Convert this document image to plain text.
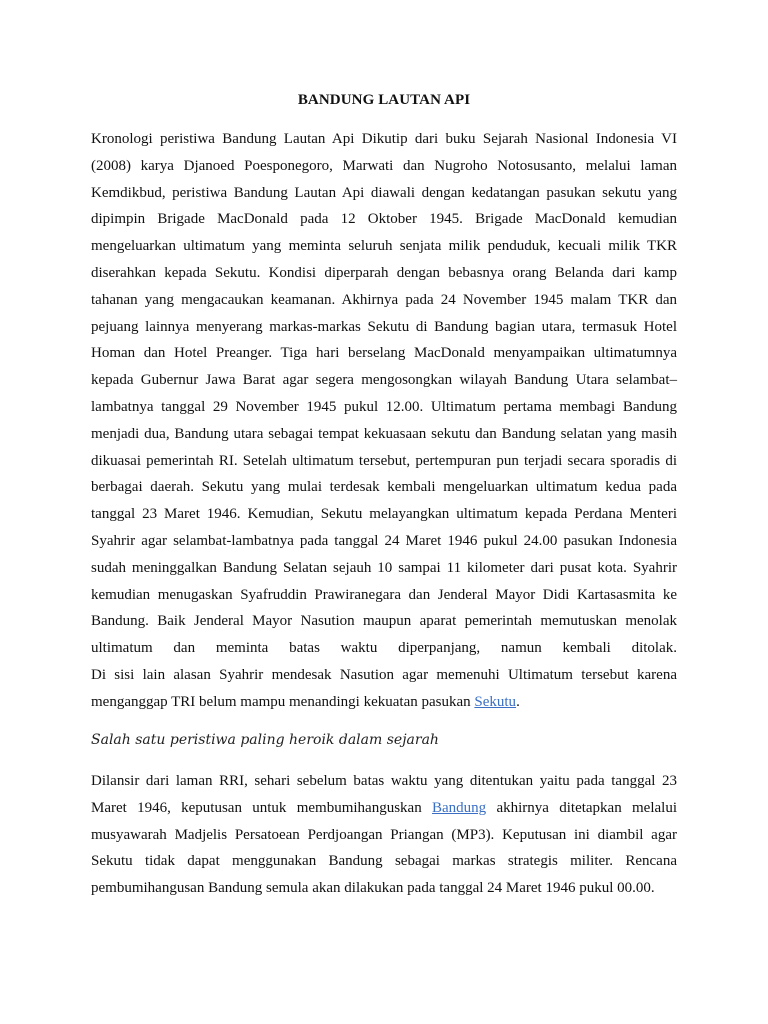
BANDUNG LAUTAN API
Kronologi peristiwa Bandung Lautan Api Dikutip dari buku Sejarah Nasional Indonesia VI
(2008) karya Djanoed Poesponegoro, Marwati dan Nugroho Notosusanto, melalui laman
Kemdikbud, peristiwa Bandung Lautan Api diawali dengan kedatangan pasukan sekutu yang
dipimpin Brigade MacDonald pada 12 Oktober 1945. Brigade MacDonald kemudian
mengeluarkan ultimatum yang meminta seluruh senjata milik penduduk, kecuali milik TKR
diserahkan kepada Sekutu. Kondisi diperparah dengan bebasnya orang Belanda dari kamp
tahanan yang mengacaukan keamanan. Akhirnya pada 24 November 1945 malam TKR dan
pejuang lainnya menyerang markas-markas Sekutu di Bandung bagian utara, termasuk Hotel
Homan dan Hotel Preanger. Tiga hari berselang MacDonald menyampaikan ultimatumnya
kepada Gubernur Jawa Barat agar segera mengosongkan wilayah Bandung Utara selambat–
lambatnya tanggal 29 November 1945 pukul 12.00. Ultimatum pertama membagi Bandung
menjadi dua, Bandung utara sebagai tempat kekuasaan sekutu dan Bandung selatan yang masih
dikuasai pemerintah RI. Setelah ultimatum tersebut, pertempuran pun terjadi secara sporadis di
berbagai daerah. Sekutu yang mulai terdesak kembali mengeluarkan ultimatum kedua pada
tanggal 23 Maret 1946. Kemudian, Sekutu melayangkan ultimatum kepada Perdana Menteri
Syahrir agar selambat-lambatnya pada tanggal 24 Maret 1946 pukul 24.00 pasukan Indonesia
sudah meninggalkan Bandung Selatan sejauh 10 sampai 11 kilometer dari pusat kota. Syahrir
kemudian menugaskan Syafruddin Prawiranegara dan Jenderal Mayor Didi Kartasasmita ke
Bandung. Baik Jenderal Mayor Nasution maupun aparat pemerintah memutuskan menolak
ultimatum dan meminta batas waktu diperpanjang, namun kembali ditolak.
Di sisi lain alasan Syahrir mendesak Nasution agar memenuhi Ultimatum tersebut karena
menganggap TRI belum mampu menandingi kekuatan pasukan Sekutu.
Salah satu peristiwa paling heroik dalam sejarah
Dilansir dari laman RRI, sehari sebelum batas waktu yang ditentukan yaitu pada tanggal 23
Maret 1946, keputusan untuk membumihanguskan Bandung akhirnya ditetapkan melalui
musyawarah Madjelis Persatoean Perdjoangan Priangan (MP3). Keputusan ini diambil agar
Sekutu tidak dapat menggunakan Bandung sebagai markas strategis militer. Rencana
pembumihangusan Bandung semula akan dilakukan pada tanggal 24 Maret 1946 pukul 00.00.
